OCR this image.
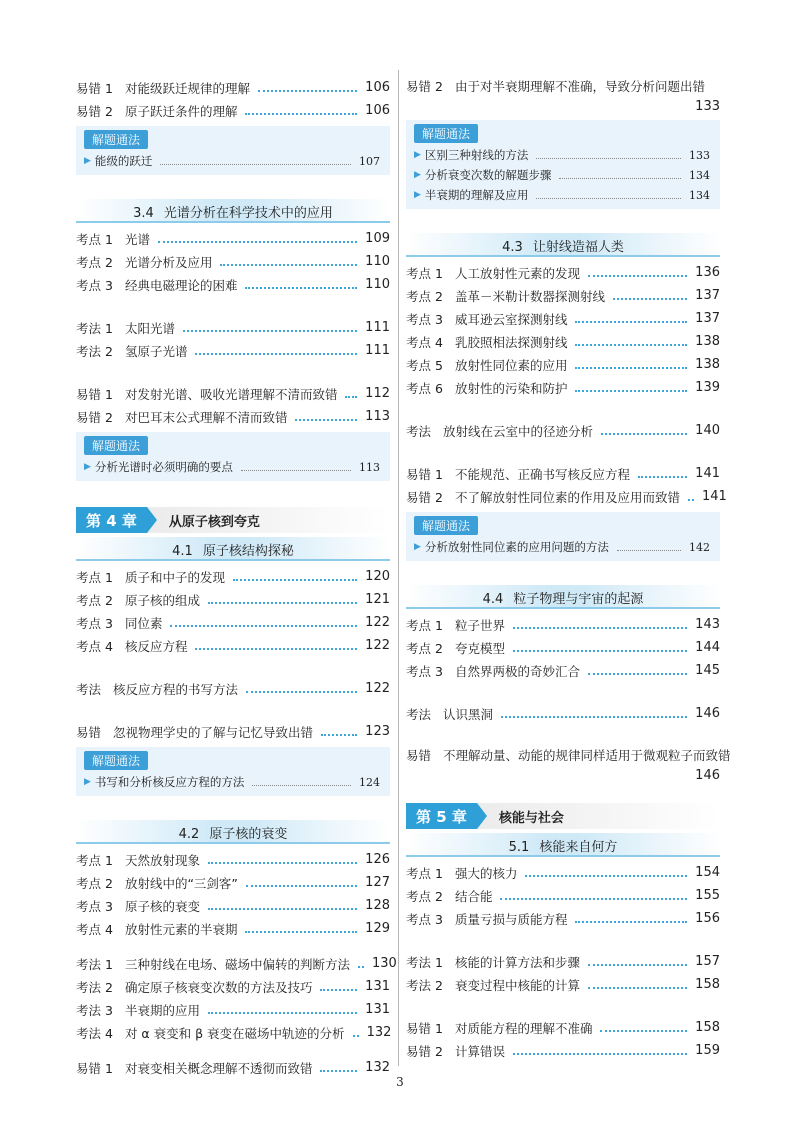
易错 1 对能级跃迁规律的理解	106
易错 2 原子跃迁条件的理解	106
解题通法
▶ 能级的跃迁	107
3.4 光谱分析在科学技术中的应用
考点 1 光谱	109
考点 2 光谱分析及应用	110
考点 3 经典电磁理论的困难	110
考法 1 太阳光谱	111
考法 2 氢原子光谱	111
易错 1 对发射光谱、吸收光谱理解不清而致错 112
易错 2 对巴耳末公式理解不清而致错	113
解题通法
▶ 分析光谱时必须明确的要点	113
第 4 章	从原子核到夸克
4.1 原子核结构探秘
考点 1 质子和中子的发现	120
考点 2 原子核的组成	121
考点 3 同位素	122
考点 4 核反应方程	122
考法 核反应方程的书写方法	122
易错 忽视物理学史的了解与记忆导致出错	123
解题通法
▶ 书写和分析核反应方程的方法	124
4.2 原子核的衰变
考点 1 天然放射现象	126
考点 2 放射线中的“三剑客”	127
考点 3 原子核的衰变	128
考点 4 放射性元素的半衰期	129
考法 1 三种射线在电场、磁场中偏转的判断方法 130
考法 2 确定原子核衰变次数的方法及技巧	131
考法 3 半衰期的应用	131
考法 4 对 α 衰变和 β 衰变在磁场中轨迹的分析 132
易错 1 对衰变相关概念理解不透彻而致错	132
易错 2 由于对半衰期理解不准确，导致分析问题出错
133
解题通法
▶ 区别三种射线的方法	133
▶ 分析衰变次数的解题步骤	134
▶ 半衰期的理解及应用	134
4.3 让射线造福人类
考点 1 人工放射性元素的发现	136
考点 2 盖革－米勒计数器探测射线	137
考点 3 威耳逊云室探测射线	137
考点 4 乳胶照相法探测射线	138
考点 5 放射性同位素的应用	138
考点 6 放射性的污染和防护	139
考法 放射线在云室中的径迹分析	140
易错 1 不能规范、正确书写核反应方程	141
易错 2 不了解放射性同位素的作用及应用而致错 141
解题通法
▶ 分析放射性同位素的应用问题的方法	142
4.4 粒子物理与宇宙的起源
考点 1 粒子世界	143
考点 2 夸克模型	144
考点 3 自然界两极的奇妙汇合	145
考法 认识黑洞	146
易错 不理解动量、动能的规律同样适用于微观粒子而致错
146
第 5 章	核能与社会
5.1 核能来自何方
考点 1 强大的核力	154
考点 2 结合能	155
考点 3 质量亏损与质能方程	156
考法 1 核能的计算方法和步骤	157
考法 2 衰变过程中核能的计算	158
易错 1 对质能方程的理解不准确	158
易错 2 计算错误	159
3
